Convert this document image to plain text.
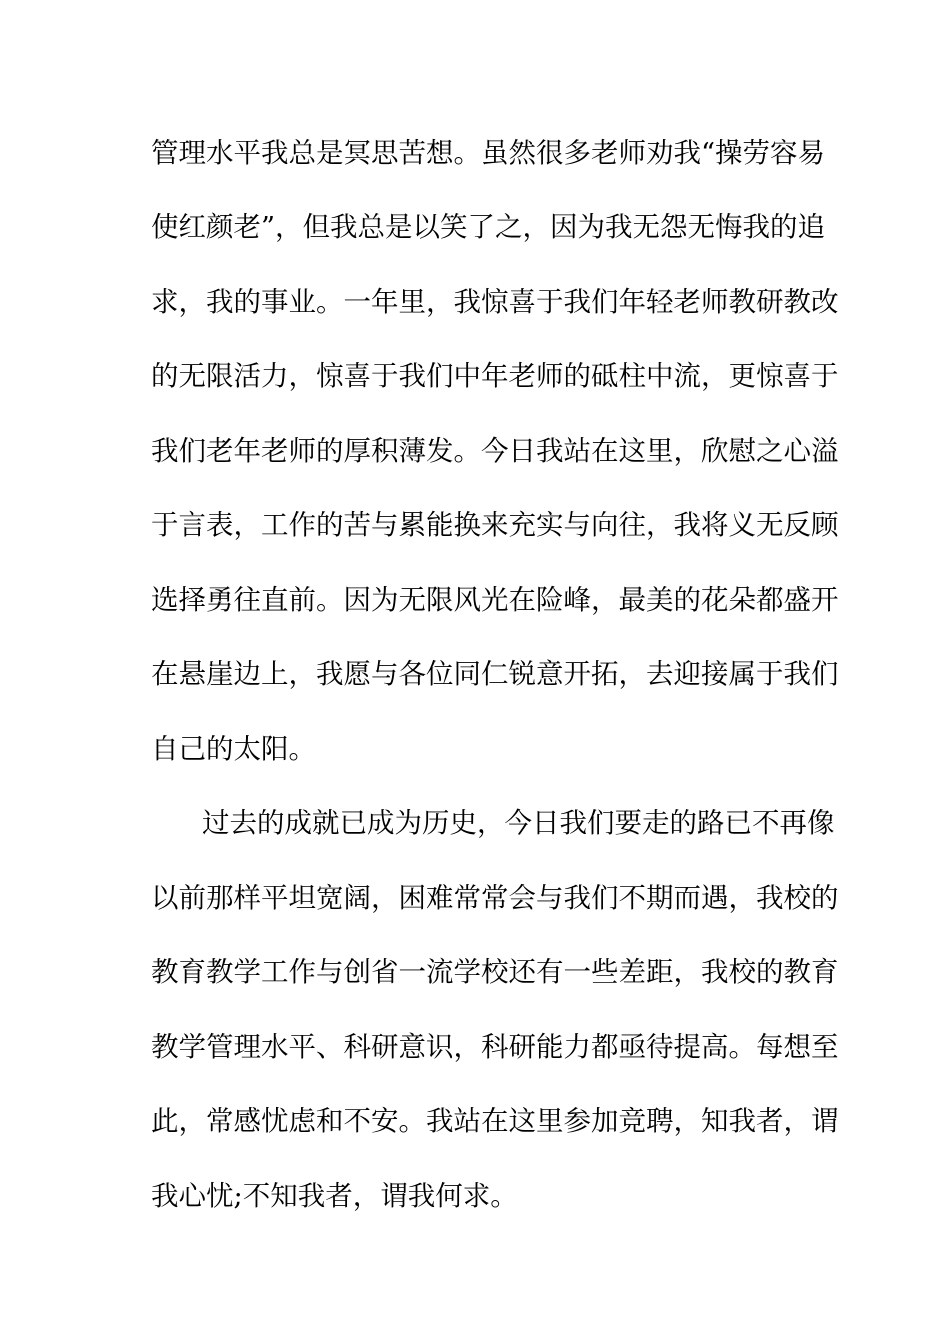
管理水平我总是冥思苦想。虽然很多老师劝我“操劳容易
使红颜老”，但我总是以笑了之，因为我无怨无悔我的追
求，我的事业。一年里，我惊喜于我们年轻老师教研教改
的无限活力，惊喜于我们中年老师的砥柱中流，更惊喜于
我们老年老师的厚积薄发。今日我站在这里，欣慰之心溢
于言表，工作的苦与累能换来充实与向往，我将义无反顾
选择勇往直前。因为无限风光在险峰，最美的花朵都盛开
在悬崖边上，我愿与各位同仁锐意开拓，去迎接属于我们
自己的太阳。
过去的成就已成为历史，今日我们要走的路已不再像
以前那样平坦宽阔，困难常常会与我们不期而遇，我校的
教育教学工作与创省一流学校还有一些差距，我校的教育
教学管理水平、科研意识，科研能力都亟待提高。每想至
此，常感忧虑和不安。我站在这里参加竞聘，知我者，谓
我心忧;不知我者，谓我何求。
